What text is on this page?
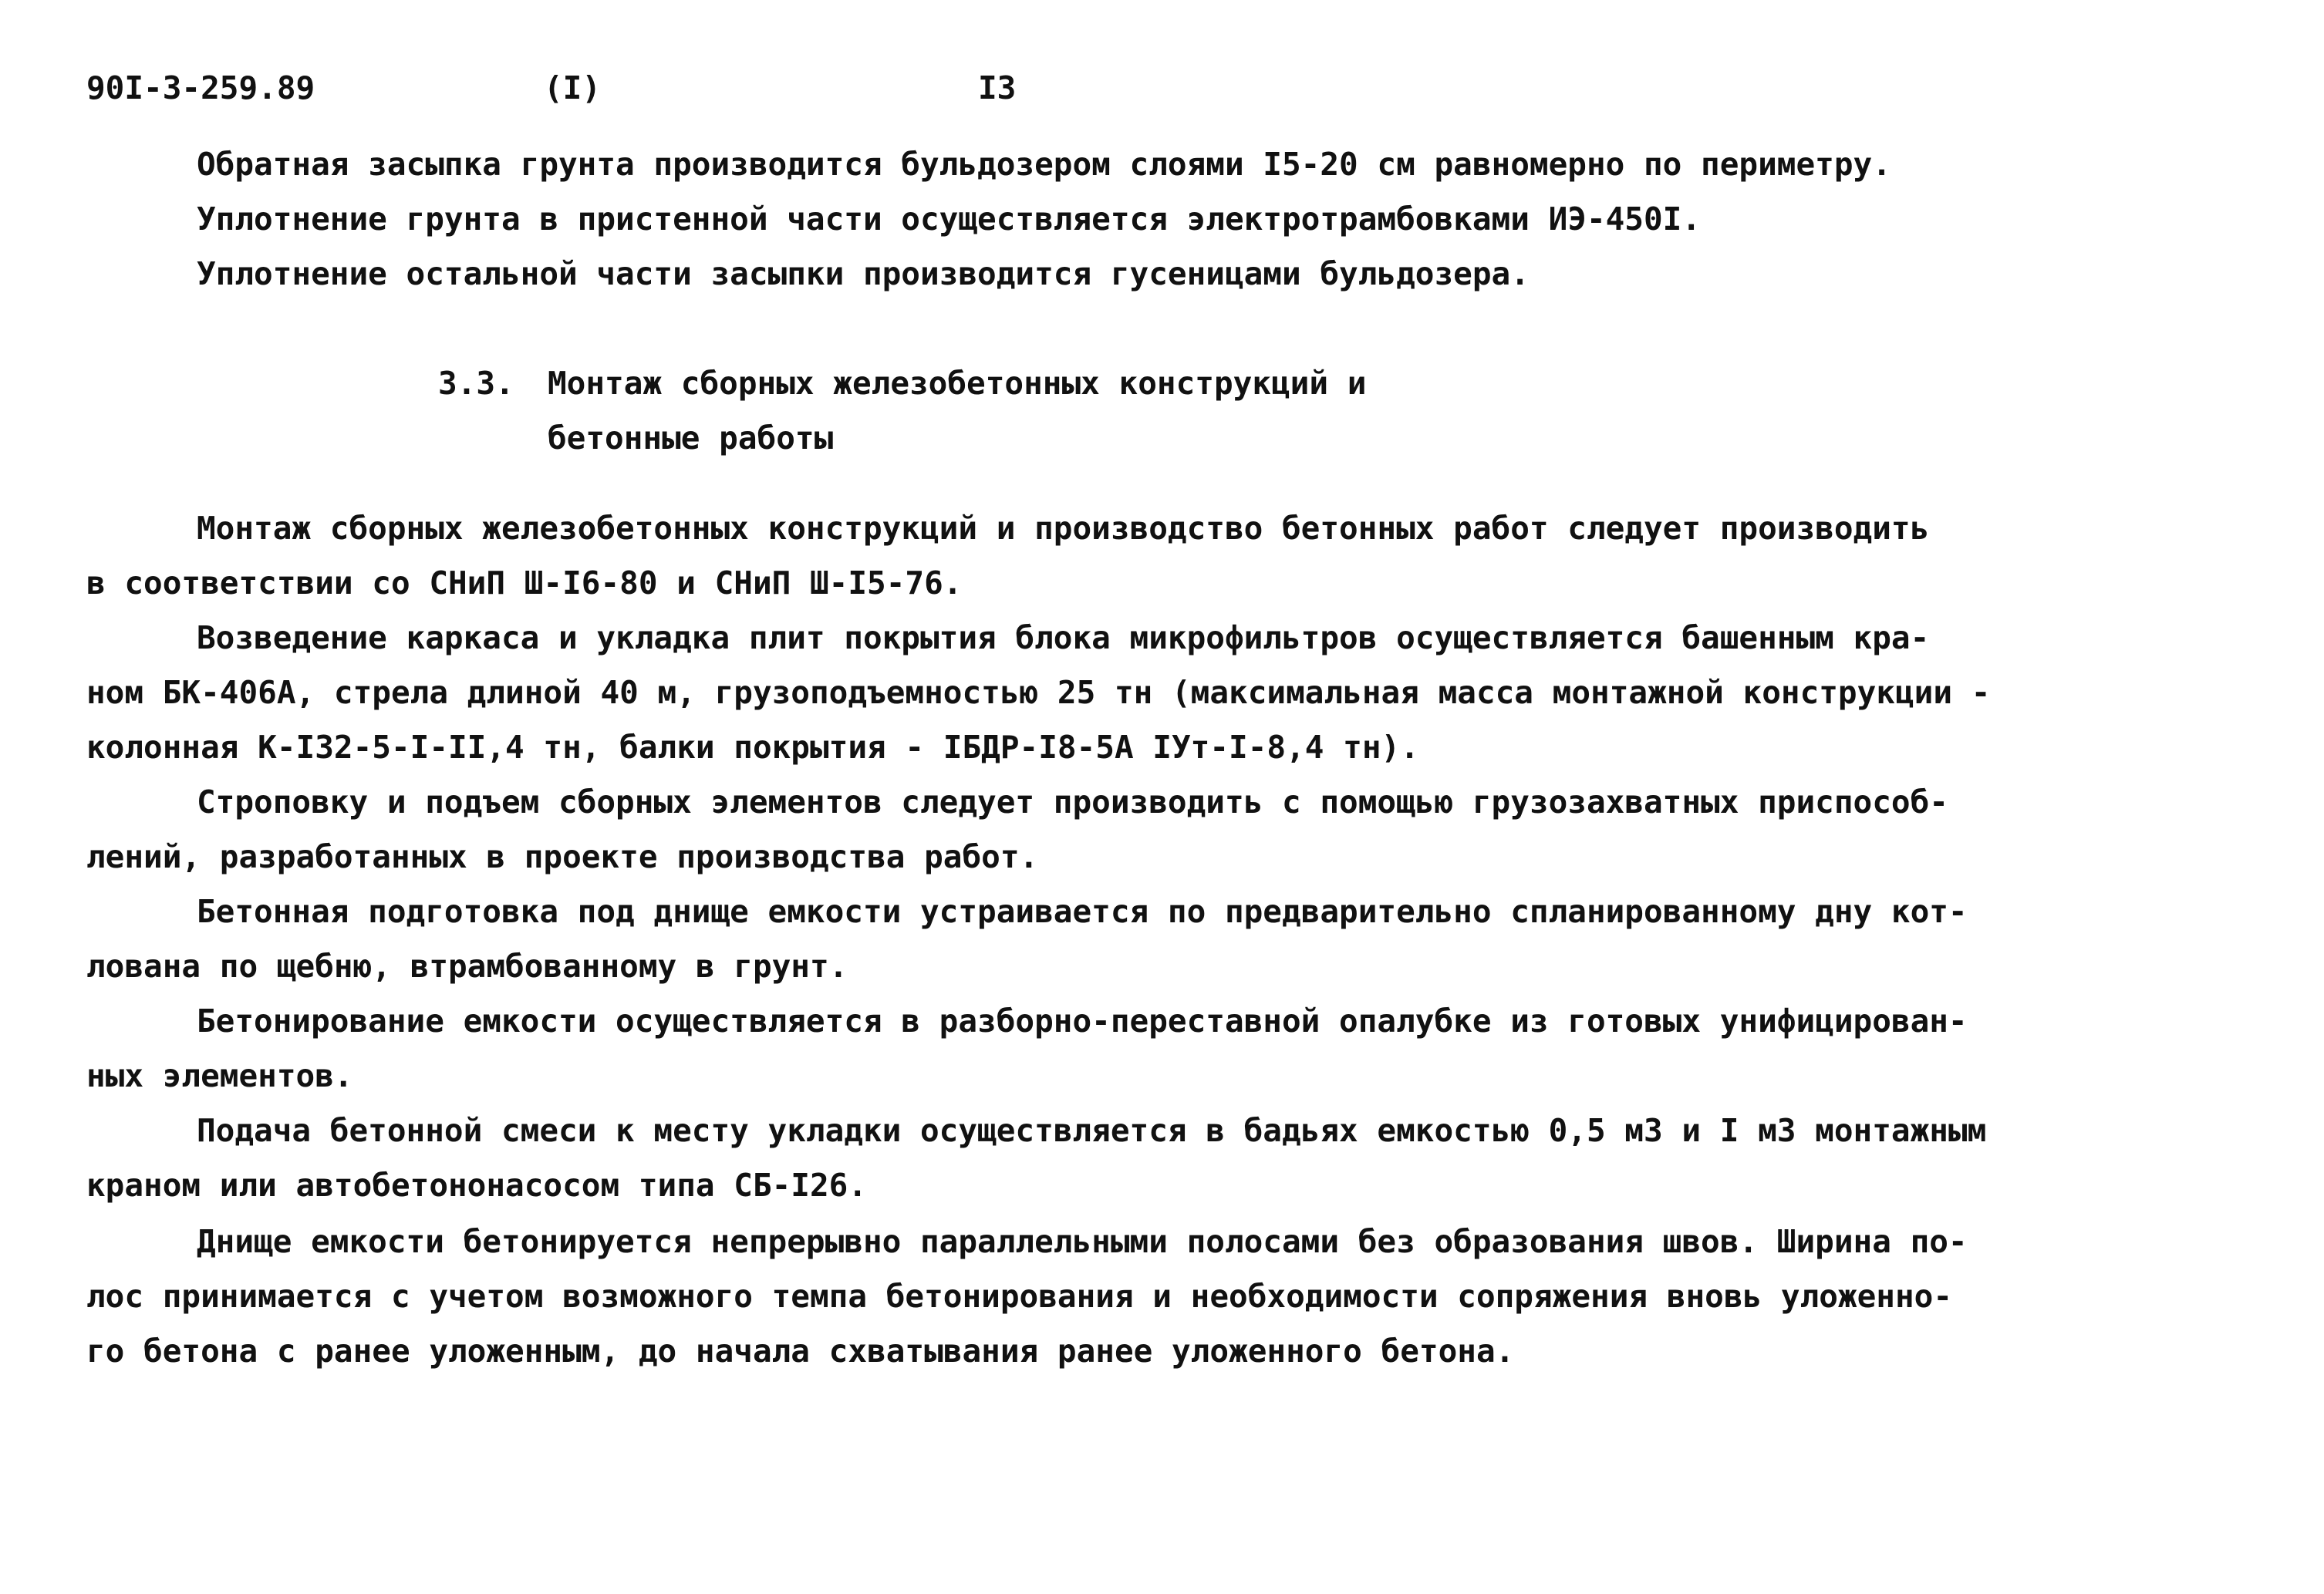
90I-3-259.89	(I)	I3
Обратная засыпка грунта производится бульдозером слоями I5-20 см равномерно по периметру.
Уплотнение грунта в пристенной части осуществляется электротрамбовками ИЭ-450I.
Уплотнение остальной части засыпки производится гусеницами бульдозера.
3.3. Монтаж сборных железобетонных конструкций и
бетонные работы
Монтаж сборных железобетонных конструкций и производство бетонных работ следует производить
в соответствии со СНиП Ш-I6-80 и СНиП Ш-I5-76.
Возведение каркаса и укладка плит покрытия блока микрофильтров осуществляется башенным кра-
ном БК-406А, стрела длиной 40 м, грузоподъемностью 25 тн (максимальная масса монтажной конструкции -
колонная К-I32-5-I-II,4 тн, балки покрытия - IБДР-I8-5А IУт-I-8,4 тн).
Строповку и подъем сборных элементов следует производить с помощью грузозахватных приспособ-
лений, разработанных в проекте производства работ.
Бетонная подготовка под днище емкости устраивается по предварительно спланированному дну кот-
лована по щебню, втрамбованному в грунт.
Бетонирование емкости осуществляется в разборно-переставной опалубке из готовых унифицирован-
ных элементов.
Подача бетонной смеси к месту укладки осуществляется в бадьях емкостью 0,5 м3 и I м3 монтажным
краном или автобетононасосом типа СБ-I26.
Днище емкости бетонируется непрерывно параллельными полосами без образования швов. Ширина по-
лос принимается с учетом возможного темпа бетонирования и необходимости сопряжения вновь уложенно-
го бетона с ранее уложенным, до начала схватывания ранее уложенного бетона.
